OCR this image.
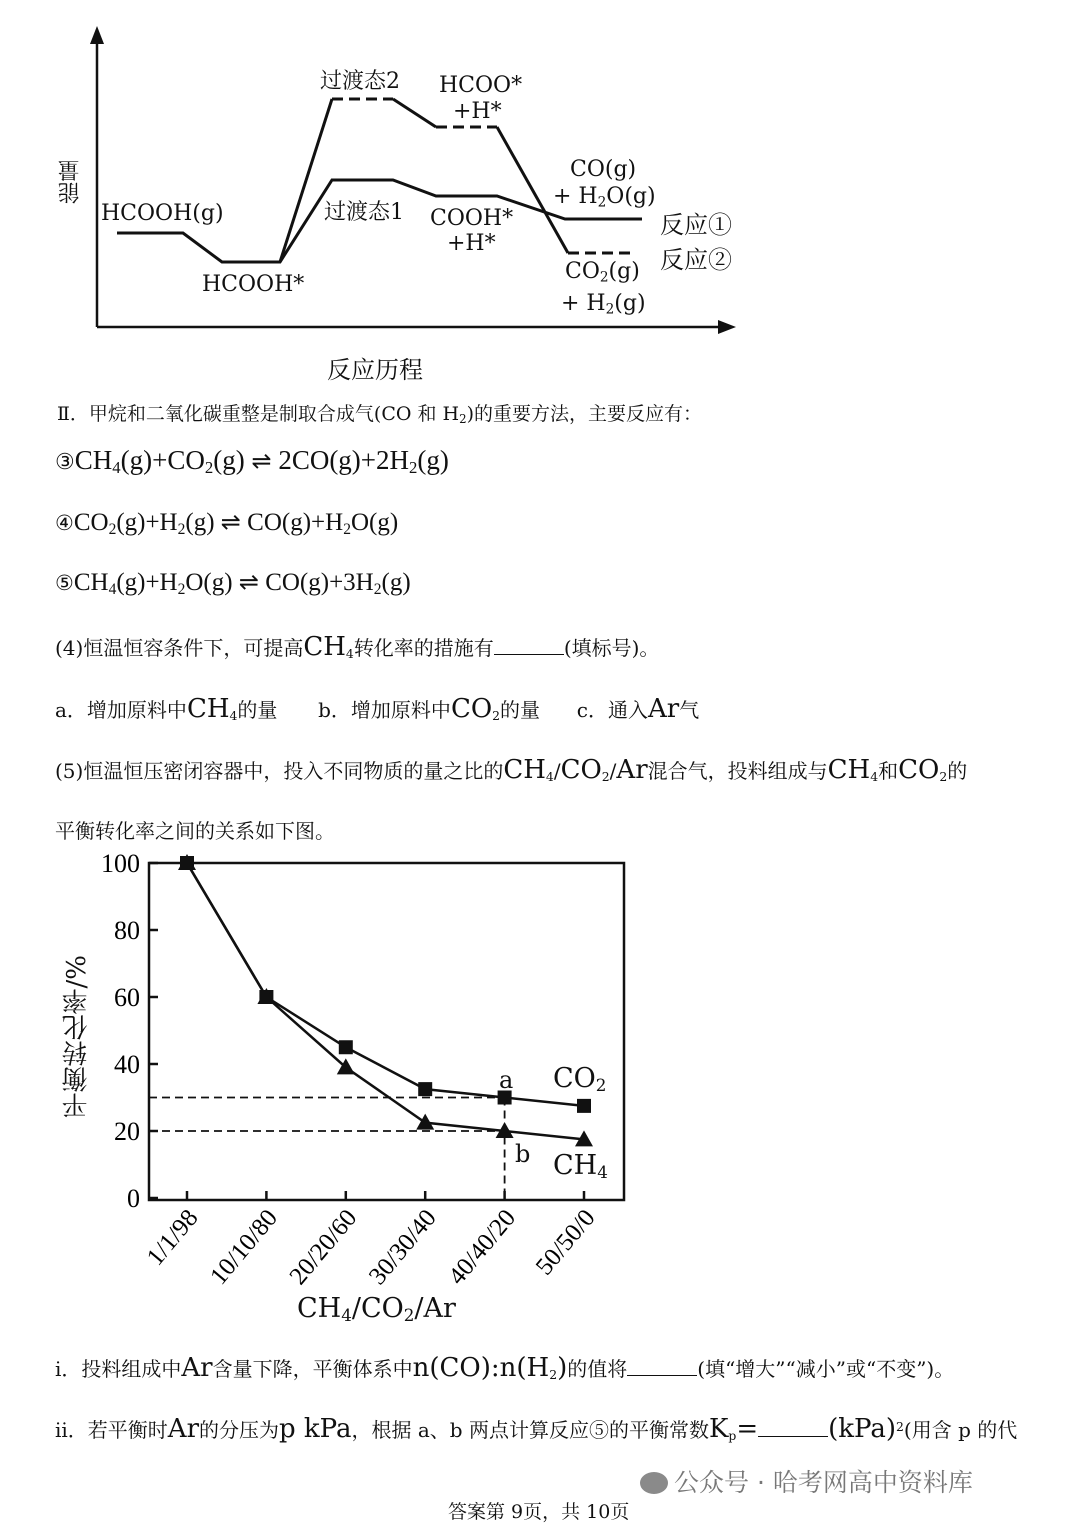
能量
反应历程
HCOOH(g)
HCOOH*
过渡态2 HCOO*
+H*
过渡态1 COOH*
+H*
CO(g)
+ $H_2O(g)$
$CO_2(g)$
+ $H_2(g)$
反应①
反应②
Ⅱ．甲烷和二氧化碳重整是制取合成气(CO 和 $H_2$)的重要方法，主要反应有：
$③CH_4(g)+CO_2(g)$ ⇌ $2CO(g)+2H_2(g)$
$④CO_2(g)+H_2(g)$ ⇌ $CO(g)+H_2O(g)$
$⑤CH_4(g)+H_2O(g)$ ⇌ $CO(g)+3H_2(g)$
(4)恒温恒容条件下，可提高$CH_4$转化率的措施有	(填标号)。
a．增加原料中$CH_4$的量 b．增加原料中$CO_2$的量 c．通入Ar气
(5)恒温恒压密闭容器中，投入不同物质的量之比的$CH_4/CO_2/Ar$混合气，投料组成与$CH_4$和$CO_2$的
平衡转化率之间的关系如下图。
0
20
40
60
80
100
1/1/98 10/10/80 20/20/60 30/30/40 40/40/20 50/50/0
平衡转化率/%
$CH_4/CO_2/Ar$
a
b
$CO_2$
$CH_4$
i．投料组成中Ar含量下降，平衡体系中$n(CO):n(H_2)$的值将	(填“增大”“减小”或“不变”)。
ii．若平衡时Ar的分压为p kPa，根据 a、b 两点计算反应⑤的平衡常数$K_p=$	(kPa)$^2$(用含 p 的代
公众号 · 哈考网高中资料库
答案第 9页，共 10页
